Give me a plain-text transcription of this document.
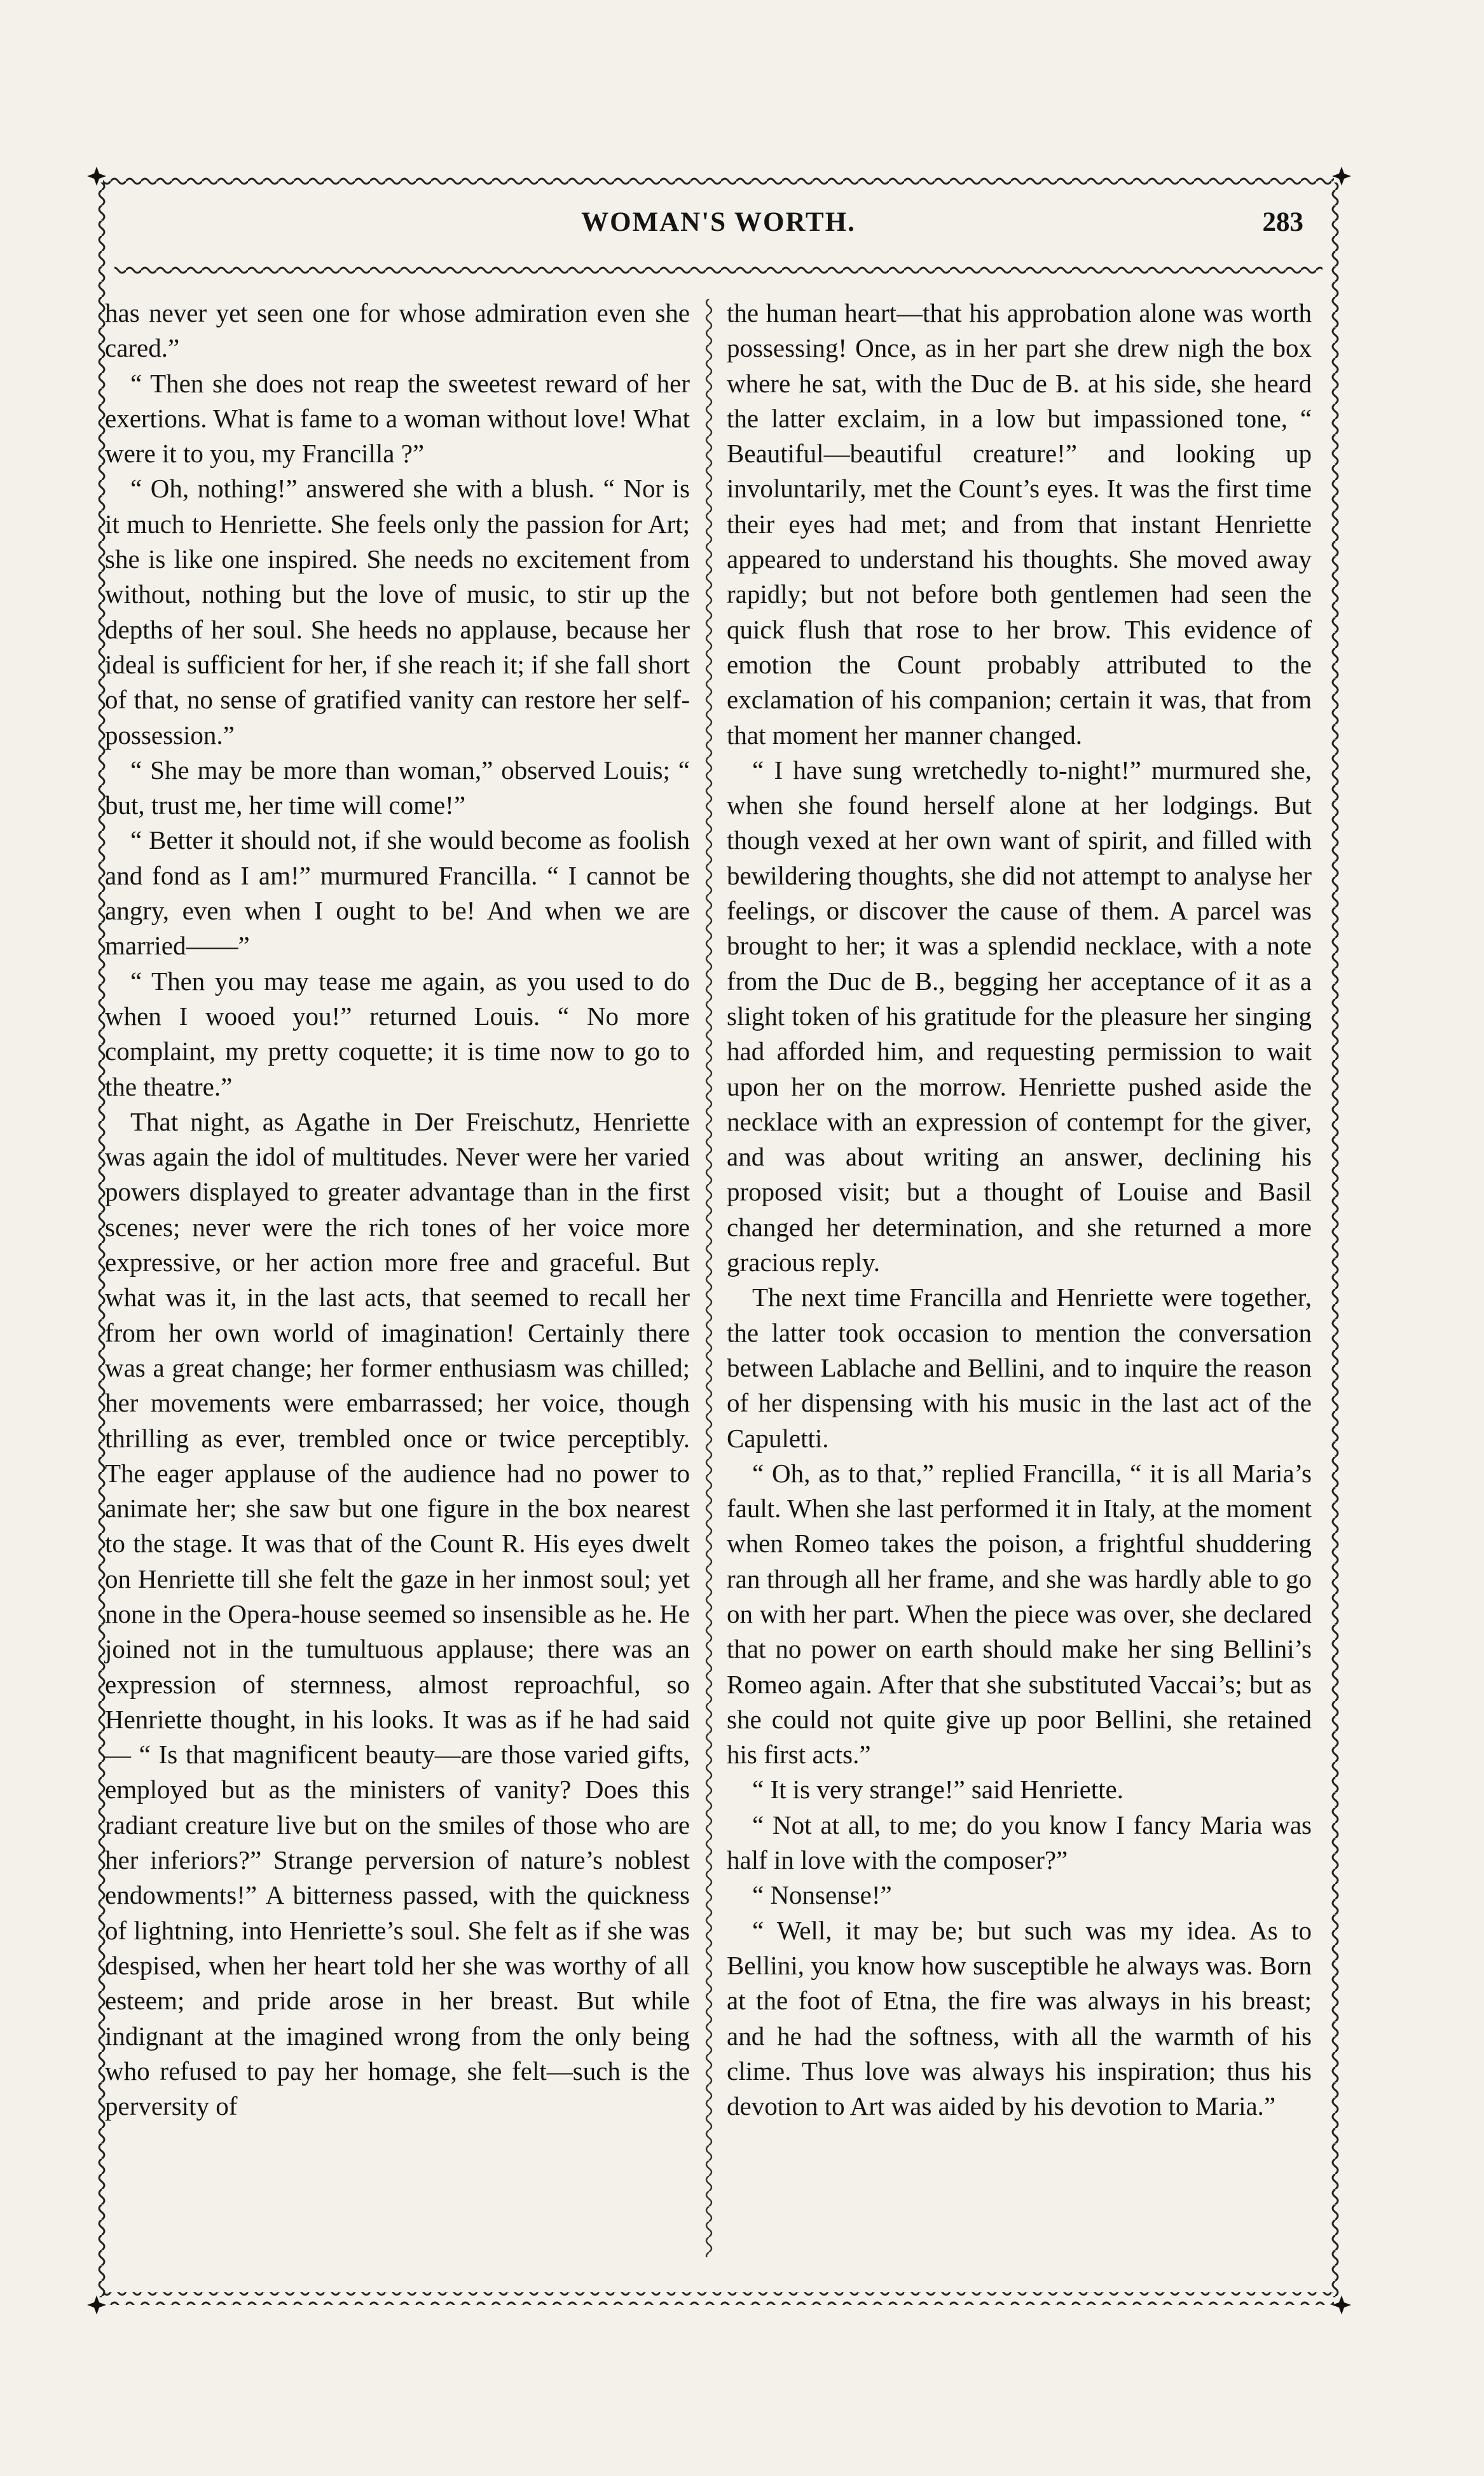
WOMAN'S WORTH.	283

has never yet seen one for whose admiration even she cared.”

“ Then she does not reap the sweetest reward of her exertions. What is fame to a woman without love! What were it to you, my Francilla ?”

“ Oh, nothing!” answered she with a blush. “ Nor is it much to Henriette. She feels only the passion for Art; she is like one inspired. She needs no excitement from without, nothing but the love of music, to stir up the depths of her soul. She heeds no applause, because her ideal is sufficient for her, if she reach it; if she fall short of that, no sense of gratified vanity can restore her self-possession.”

“ She may be more than woman,” observed Louis; “ but, trust me, her time will come!”

“ Better it should not, if she would become as foolish and fond as I am!” murmured Francilla. “ I cannot be angry, even when I ought to be! And when we are married——”

“ Then you may tease me again, as you used to do when I wooed you!” returned Louis. “ No more complaint, my pretty coquette; it is time now to go to the theatre.”

That night, as Agathe in Der Freischutz, Henriette was again the idol of multitudes. Never were her varied powers displayed to greater advantage than in the first scenes; never were the rich tones of her voice more expressive, or her action more free and graceful. But what was it, in the last acts, that seemed to recall her from her own world of imagination! Certainly there was a great change; her former enthusiasm was chilled; her movements were embarrassed; her voice, though thrilling as ever, trembled once or twice perceptibly. The eager applause of the audience had no power to animate her; she saw but one figure in the box nearest to the stage. It was that of the Count R. His eyes dwelt on Henriette till she felt the gaze in her inmost soul; yet none in the Opera-house seemed so insensible as he. He joined not in the tumultuous applause; there was an expression of sternness, almost reproachful, so Henriette thought, in his looks. It was as if he had said — “ Is that magnificent beauty—are those varied gifts, employed but as the ministers of vanity? Does this radiant creature live but on the smiles of those who are her inferiors?” Strange perversion of nature’s noblest endowments!” A bitterness passed, with the quickness of lightning, into Henriette’s soul. She felt as if she was despised, when her heart told her she was worthy of all esteem; and pride arose in her breast. But while indignant at the imagined wrong from the only being who refused to pay her homage, she felt—such is the perversity of

the human heart—that his approbation alone was worth possessing! Once, as in her part she drew nigh the box where he sat, with the Duc de B. at his side, she heard the latter exclaim, in a low but impassioned tone, “ Beautiful—beautiful creature!” and looking up involuntarily, met the Count’s eyes. It was the first time their eyes had met; and from that instant Henriette appeared to understand his thoughts. She moved away rapidly; but not before both gentlemen had seen the quick flush that rose to her brow. This evidence of emotion the Count probably attributed to the exclamation of his companion; certain it was, that from that moment her manner changed.

“ I have sung wretchedly to-night!” murmured she, when she found herself alone at her lodgings. But though vexed at her own want of spirit, and filled with bewildering thoughts, she did not attempt to analyse her feelings, or discover the cause of them. A parcel was brought to her; it was a splendid necklace, with a note from the Duc de B., begging her acceptance of it as a slight token of his gratitude for the pleasure her singing had afforded him, and requesting permission to wait upon her on the morrow. Henriette pushed aside the necklace with an expression of contempt for the giver, and was about writing an answer, declining his proposed visit; but a thought of Louise and Basil changed her determination, and she returned a more gracious reply.

The next time Francilla and Henriette were together, the latter took occasion to mention the conversation between Lablache and Bellini, and to inquire the reason of her dispensing with his music in the last act of the Capuletti.

“ Oh, as to that,” replied Francilla, “ it is all Maria’s fault. When she last performed it in Italy, at the moment when Romeo takes the poison, a frightful shuddering ran through all her frame, and she was hardly able to go on with her part. When the piece was over, she declared that no power on earth should make her sing Bellini’s Romeo again. After that she substituted Vaccai’s; but as she could not quite give up poor Bellini, she retained his first acts.”

“ It is very strange!” said Henriette.

“ Not at all, to me; do you know I fancy Maria was half in love with the composer?”

“ Nonsense!”

“ Well, it may be; but such was my idea. As to Bellini, you know how susceptible he always was. Born at the foot of Etna, the fire was always in his breast; and he had the softness, with all the warmth of his clime. Thus love was always his inspiration; thus his devotion to Art was aided by his devotion to Maria.”
